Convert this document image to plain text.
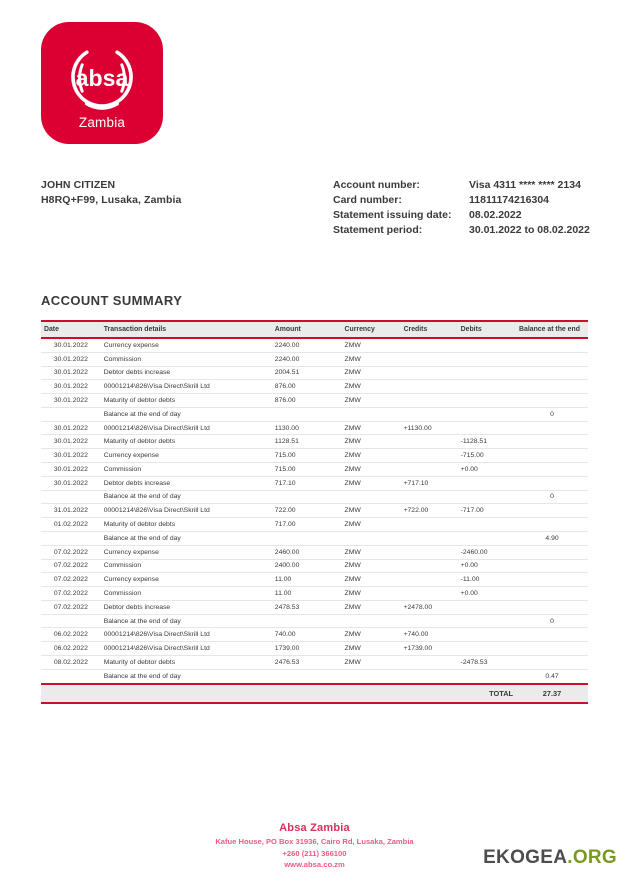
absa
Zambia
JOHN CITIZEN
H8RQ+F99, Lusaka, Zambia
Account number:	Visa 4311 **** **** 2134
Card number:	11811174216304
Statement issuing date:	08.02.2022
Statement period:	30.01.2022 to 08.02.2022
ACCOUNT SUMMARY
Date	Transaction details	Amount	Currency	Credits	Debits	Balance at the end
30.01.2022	Currency expense	2240.00	ZMW			
30.01.2022	Commission	2240.00	ZMW			
30.01.2022	Debtor debts increase	2004.51	ZMW			
30.01.2022	00001214\826\Visa Direct\Skrill Ltd	876.00	ZMW			
30.01.2022	Maturity of debtor debts	876.00	ZMW			
	Balance at the end of day					0
30.01.2022	00001214\826\Visa Direct\Skrill Ltd	1130.00	ZMW	+1130.00		
30.01.2022	Maturity of debtor debts	1128.51	ZMW		-1128.51	
30.01.2022	Currency expense	715.00	ZMW		-715.00	
30.01.2022	Commission	715.00	ZMW		+0.00	
30.01.2022	Debtor debts increase	717.10	ZMW	+717.10		
	Balance at the end of day					0
31.01.2022	00001214\826\Visa Direct\Skrill Ltd	722.00	ZMW	+722.00	-717.00	
01.02.2022	Maturity of debtor debts	717.00	ZMW			
	Balance at the end of day					4.90
07.02.2022	Currency expense	2460.00	ZMW		-2460.00	
07.02.2022	Commission	2400.00	ZMW		+0.00	
07.02.2022	Currency expense	11.00	ZMW		-11.00	
07.02.2022	Commission	11.00	ZMW		+0.00	
07.02.2022	Debtor debts increase	2478.53	ZMW	+2478.00		
	Balance at the end of day					0
06.02.2022	00001214\826\Visa Direct\Skrill Ltd	740.00	ZMW	+740.00		
06.02.2022	00001214\826\Visa Direct\Skrill Ltd	1739.00	ZMW	+1739.00		
08.02.2022	Maturity of debtor debts	2476.53	ZMW		-2478.53	
	Balance at the end of day					0.47
					TOTAL	27.37
Absa Zambia
Kafue House, PO Box 31936, Cairo Rd, Lusaka, Zambia
+260 (211) 366100
www.absa.co.zm	EKOGEA.ORG
